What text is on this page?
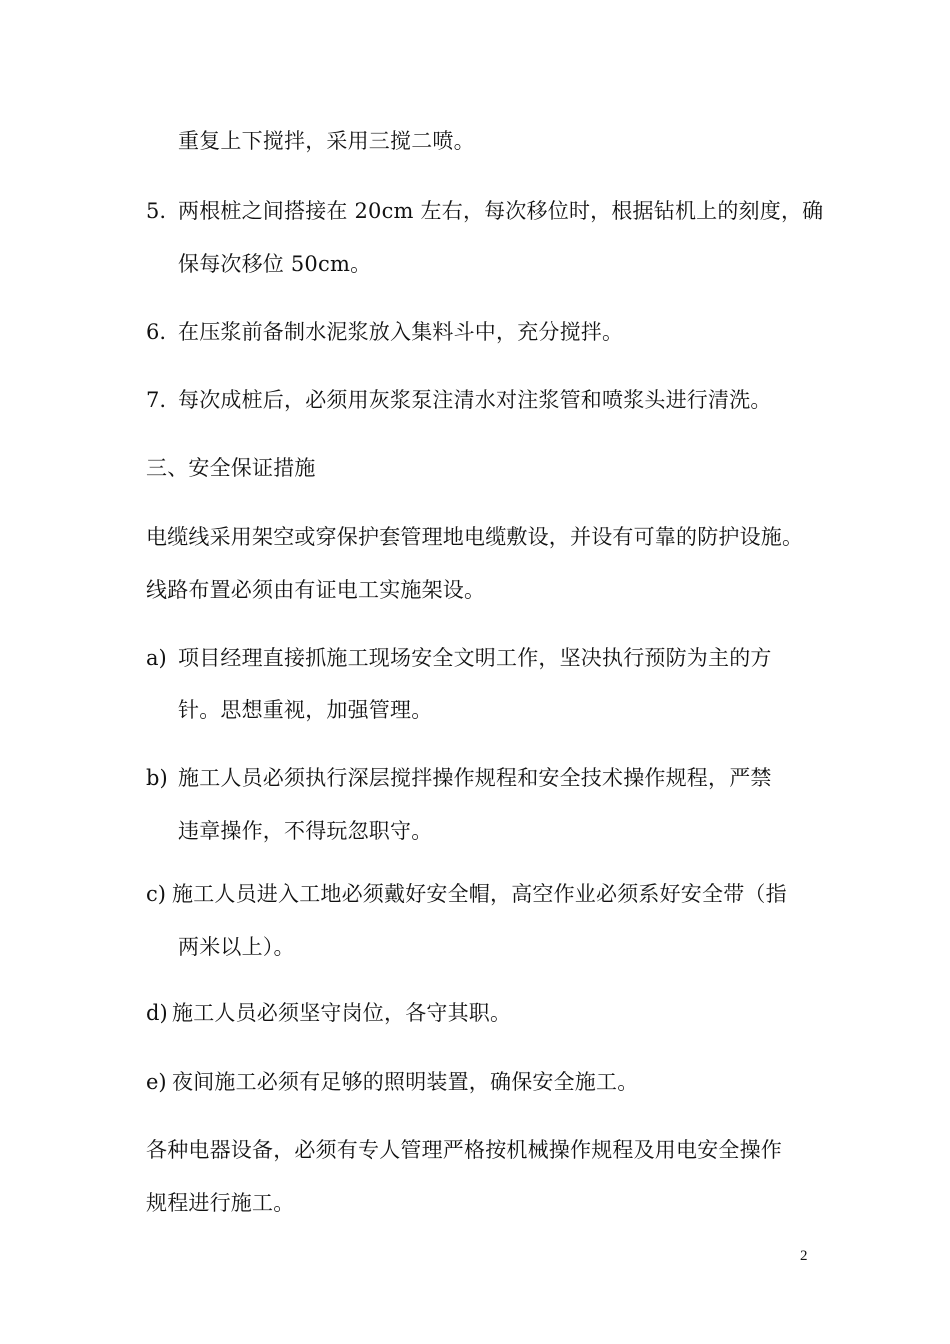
重复上下搅拌，采用三搅二喷。
5. 两根桩之间搭接在 20cm 左右，每次移位时，根据钻机上的刻度，确
保每次移位 50cm。
6. 在压浆前备制水泥浆放入集料斗中，充分搅拌。
7. 每次成桩后，必须用灰浆泵注清水对注浆管和喷浆头进行清洗。
三、安全保证措施
电缆线采用架空或穿保护套管理地电缆敷设，并设有可靠的防护设施。
线路布置必须由有证电工实施架设。
a) 项目经理直接抓施工现场安全文明工作，坚决执行预防为主的方
针。思想重视，加强管理。
b) 施工人员必须执行深层搅拌操作规程和安全技术操作规程，严禁
违章操作，不得玩忽职守。
c) 施工人员进入工地必须戴好安全帽，高空作业必须系好安全带（指
两米以上）。
d) 施工人员必须坚守岗位，各守其职。
e) 夜间施工必须有足够的照明装置，确保安全施工。
各种电器设备，必须有专人管理严格按机械操作规程及用电安全操作
规程进行施工。
2
